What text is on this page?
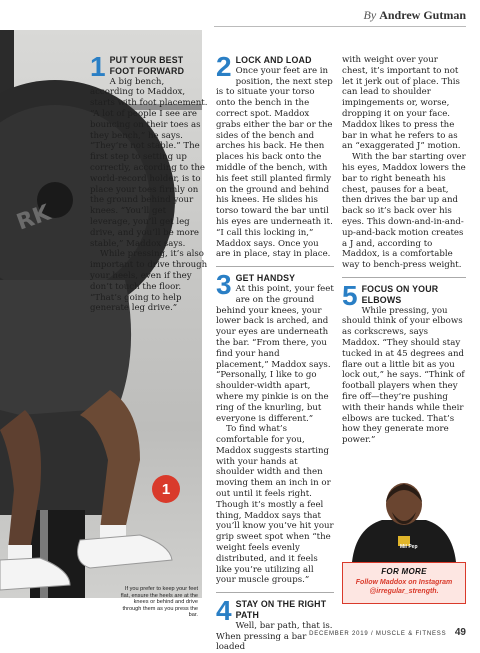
By Andrew Gutman
RK
1
If you prefer to keep your feet flat, ensure the heels are at the knees or behind and drive through them as you press the bar.
1 PUT YOUR BEST FOOT FORWARD

A big bench, according to Maddox, starts with foot placement. “A lot of people I see are bouncing on their toes as they bench,” he says. “They’re not stable.” The first step to setting up correctly, according to the world-record holder, is to place your toes firmly on the ground behind your knees. “You’ll get leverage, you’ll get leg drive, and you’ll be more stable,” Maddox says.

While pressing, it’s also important to drive through your heels, even if they don’t touch the floor. “That’s going to help generate leg drive.”

2 LOCK AND LOAD

Once your feet are in position, the next step is to situate your torso onto the bench in the correct spot. Maddox grabs either the bar or the sides of the bench and arches his back. He then places his back onto the middle of the bench, with his feet still planted firmly on the ground and behind his knees. He slides his torso toward the bar until his eyes are underneath it. “I call this locking in,” Maddox says. Once you are in place, stay in place.

3 GET HANDSY

At this point, your feet are on the ground behind your knees, your lower back is arched, and your eyes are underneath the bar. “From there, you find your hand placement,” Maddox says. “Personally, I like to go shoulder-width apart, where my pinkie is on the ring of the knurling, but everyone is different.”

To find what’s comfortable for you, Maddox suggests starting with your hands at shoulder width and then moving them an inch in or out until it feels right. Though it’s mostly a feel thing, Maddox says that you’ll know you’ve hit your grip sweet spot when “the weight feels evenly distributed, and it feels like you’re utilizing all your muscle groups.”

4 STAY ON THE RIGHT PATH

Well, bar path, that is. When pressing a bar loaded

with weight over your chest, it’s important to not let it jerk out of place. This can lead to shoulder impingements or, worse, dropping it on your face. Maddox likes to press the bar in what he refers to as an “exaggerated J” motion.

With the bar starting over his eyes, Maddox lowers the bar to right beneath his chest, pauses for a beat, then drives the bar up and back so it’s back over his eyes. This down-and-in-and-up-and-back motion creates a J and, according to Maddox, is a comfortable way to bench-press weight.

5 FOCUS ON YOUR ELBOWS

While pressing, you should think of your elbows as corkscrews, says Maddox. “They should stay tucked in at 45 degrees and flare out a little bit as you lock out,” he says. “Think of football players when they fire off—they’re pushing with their hands while their elbows are tucked. That’s how they generate more power.”

Mil Pep
FOR MORE
Follow Maddox on Instagram @irregular_strength.
DECEMBER 2019 / MUSCLE & FITNESS 49
